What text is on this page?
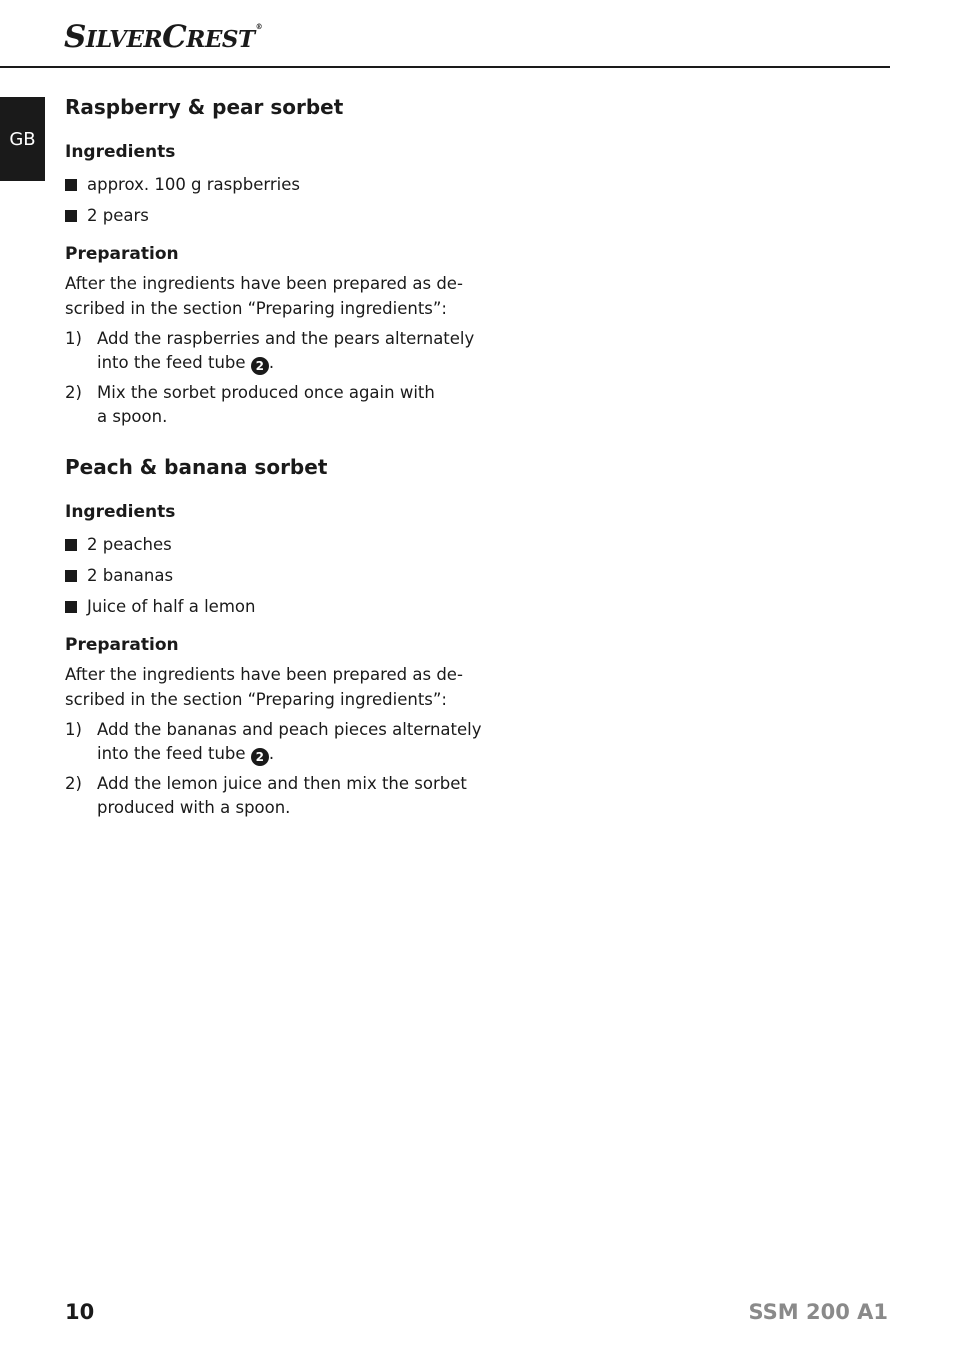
SILVERCREST®
GB
Raspberry & pear sorbet
Ingredients
approx. 100 g raspberries
2 pears
Preparation

After the ingredients have been prepared as de-
scribed in the section “Preparing ingredients”:

1) Add the raspberries and the pears alternately
into the feed tube 2 .
2) Mix the sorbet produced once again with
a spoon.
Peach & banana sorbet
Ingredients
2 peaches
2 bananas
Juice of half a lemon
Preparation

After the ingredients have been prepared as de-
scribed in the section “Preparing ingredients”:

1) Add the bananas and peach pieces alternately
into the feed tube 2 .
2) Add the lemon juice and then mix the sorbet
produced with a spoon.
10	SSM 200 A1
